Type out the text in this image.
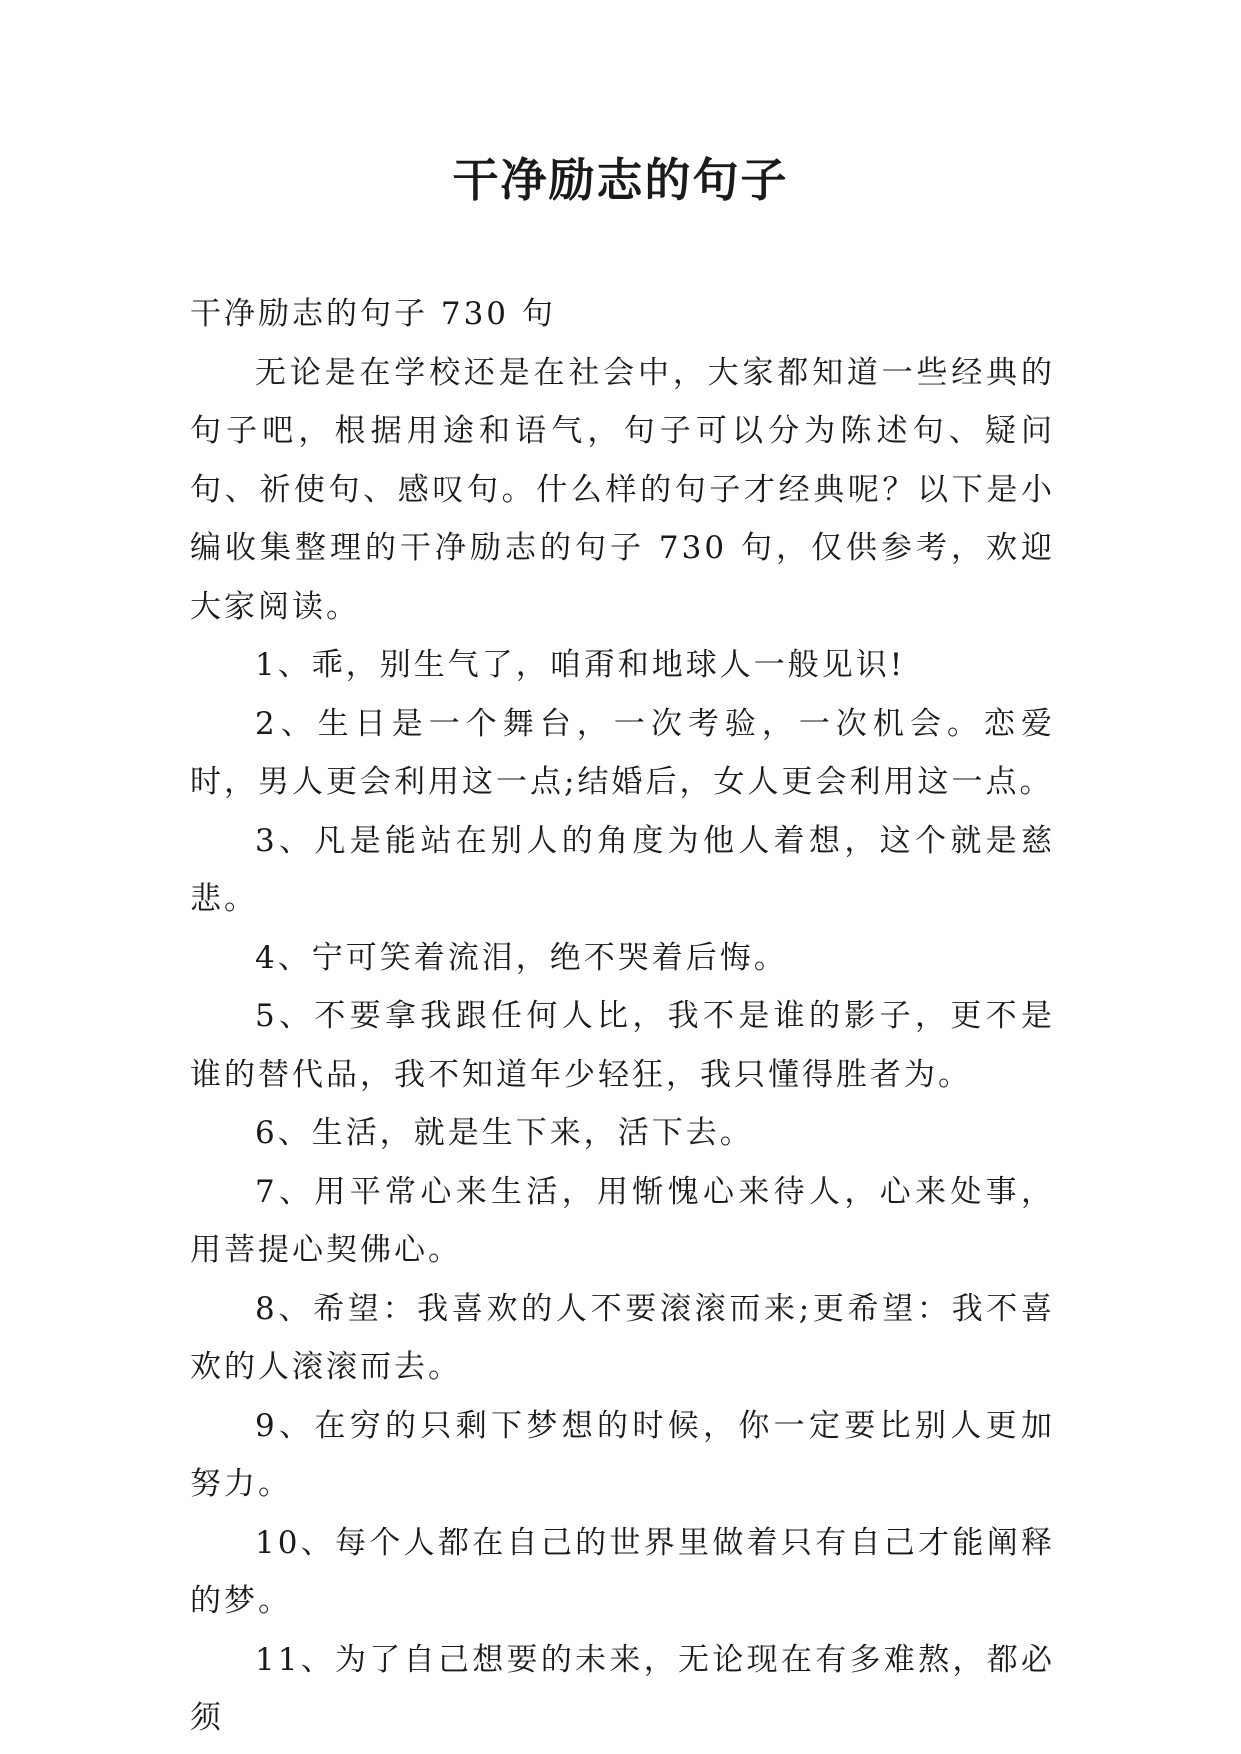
干净励志的句子

干净励志的句子 730 句

无论是在学校还是在社会中，大家都知道一些经典的句子吧，根据用途和语气，句子可以分为陈述句、疑问句、祈使句、感叹句。什么样的句子才经典呢？以下是小编收集整理的干净励志的句子 730 句，仅供参考，欢迎大家阅读。

1、乖，别生气了，咱甭和地球人一般见识!

2、生日是一个舞台，一次考验，一次机会。恋爱时，男人更会利用这一点;结婚后，女人更会利用这一点。

3、凡是能站在别人的角度为他人着想，这个就是慈悲。

4、宁可笑着流泪，绝不哭着后悔。

5、不要拿我跟任何人比，我不是谁的影子，更不是谁的替代品，我不知道年少轻狂，我只懂得胜者为。

6、生活，就是生下来，活下去。

7、用平常心来生活，用惭愧心来待人，心来处事，用菩提心契佛心。

8、希望：我喜欢的人不要滚滚而来;更希望：我不喜欢的人滚滚而去。

9、在穷的只剩下梦想的时候，你一定要比别人更加努力。

10、每个人都在自己的世界里做着只有自己才能阐释的梦。

11、为了自己想要的未来，无论现在有多难熬，都必须
